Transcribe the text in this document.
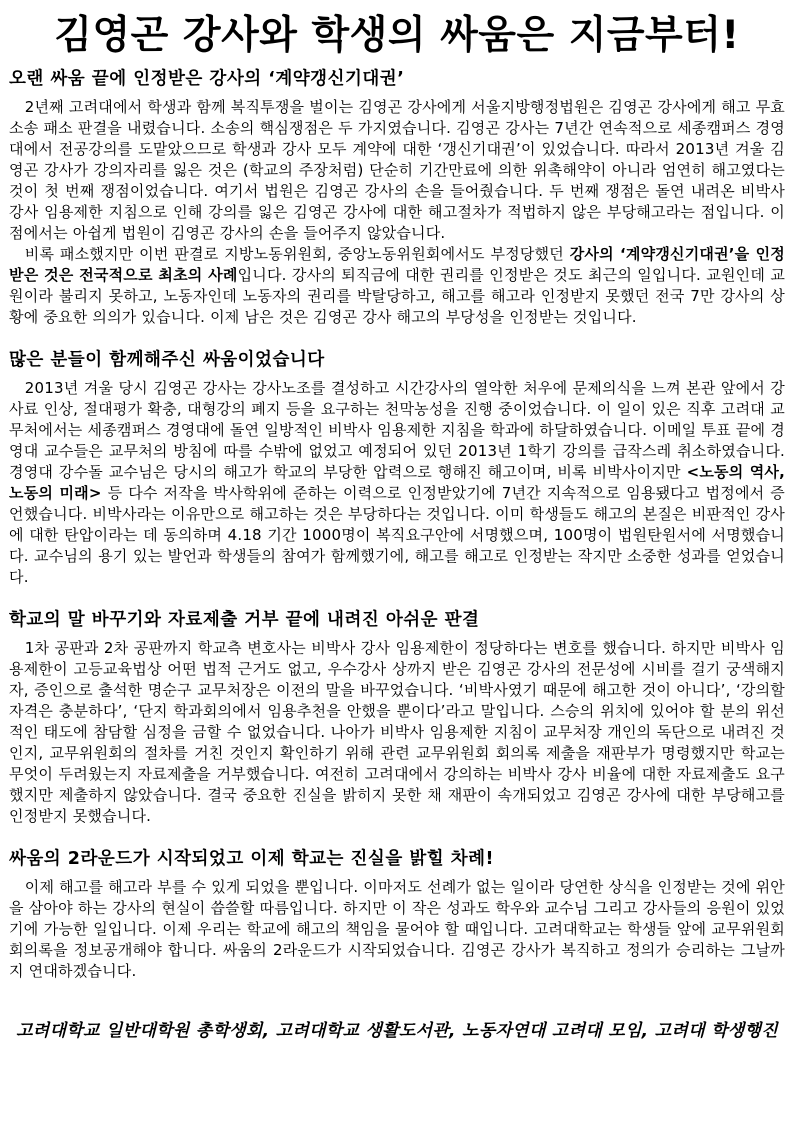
김영곤 강사와 학생의 싸움은 지금부터!
오랜 싸움 끝에 인정받은 강사의 ‘계약갱신기대권’

2년째 고려대에서 학생과 함께 복직투쟁을 벌이는 김영곤 강사에게 서울지방행정법원은 김영곤 강사에게 해고 무효소송 패소 판결을 내렸습니다. 소송의 핵심쟁점은 두 가지였습니다. 김영곤 강사는 7년간 연속적으로 세종캠퍼스 경영대에서 전공강의를 도맡았으므로 학생과 강사 모두 계약에 대한 ‘갱신기대권’이 있었습니다. 따라서 2013년 겨울 김영곤 강사가 강의자리를 잃은 것은 (학교의 주장처럼) 단순히 기간만료에 의한 위촉해약이 아니라 엄연히 해고였다는 것이 첫 번째 쟁점이었습니다. 여기서 법원은 김영곤 강사의 손을 들어줬습니다. 두 번째 쟁점은 돌연 내려온 비박사 강사 임용제한 지침으로 인해 강의를 잃은 김영곤 강사에 대한 해고절차가 적법하지 않은 부당해고라는 점입니다. 이 점에서는 아쉽게 법원이 김영곤 강사의 손을 들어주지 않았습니다.

비록 패소했지만 이번 판결로 지방노동위원회, 중앙노동위원회에서도 부정당했던 강사의 ‘계약갱신기대권’을 인정받은 것은 전국적으로 최초의 사례입니다. 강사의 퇴직금에 대한 권리를 인정받은 것도 최근의 일입니다. 교원인데 교원이라 불리지 못하고, 노동자인데 노동자의 권리를 박탈당하고, 해고를 해고라 인정받지 못했던 전국 7만 강사의 상황에 중요한 의의가 있습니다. 이제 남은 것은 김영곤 강사 해고의 부당성을 인정받는 것입니다.

많은 분들이 함께해주신 싸움이었습니다

2013년 겨울 당시 김영곤 강사는 강사노조를 결성하고 시간강사의 열악한 처우에 문제의식을 느껴 본관 앞에서 강사료 인상, 절대평가 확충, 대형강의 폐지 등을 요구하는 천막농성을 진행 중이었습니다. 이 일이 있은 직후 고려대 교무처에서는 세종캠퍼스 경영대에 돌연 일방적인 비박사 임용제한 지침을 학과에 하달하였습니다. 이메일 투표 끝에 경영대 교수들은 교무처의 방침에 따를 수밖에 없었고 예정되어 있던 2013년 1학기 강의를 급작스레 취소하였습니다. 경영대 강수돌 교수님은 당시의 해고가 학교의 부당한 압력으로 행해진 해고이며, 비록 비박사이지만 <노동의 역사, 노동의 미래> 등 다수 저작을 박사학위에 준하는 이력으로 인정받았기에 7년간 지속적으로 임용됐다고 법정에서 증언했습니다. 비박사라는 이유만으로 해고하는 것은 부당하다는 것입니다. 이미 학생들도 해고의 본질은 비판적인 강사에 대한 탄압이라는 데 동의하며 4.18 기간 1000명이 복직요구안에 서명했으며, 100명이 법원탄원서에 서명했습니다. 교수님의 용기 있는 발언과 학생들의 참여가 함께했기에, 해고를 해고로 인정받는 작지만 소중한 성과를 얻었습니다.

학교의 말 바꾸기와 자료제출 거부 끝에 내려진 아쉬운 판결

1차 공판과 2차 공판까지 학교측 변호사는 비박사 강사 임용제한이 정당하다는 변호를 했습니다. 하지만 비박사 임용제한이 고등교육법상 어떤 법적 근거도 없고, 우수강사 상까지 받은 김영곤 강사의 전문성에 시비를 걸기 궁색해지자, 증인으로 출석한 명순구 교무처장은 이전의 말을 바꾸었습니다. ‘비박사였기 때문에 해고한 것이 아니다’, ‘강의할 자격은 충분하다’, ‘단지 학과회의에서 임용추천을 안했을 뿐이다’라고 말입니다. 스승의 위치에 있어야 할 분의 위선적인 태도에 참담할 심정을 금할 수 없었습니다. 나아가 비박사 임용제한 지침이 교무처장 개인의 독단으로 내려진 것인지, 교무위원회의 절차를 거친 것인지 확인하기 위해 관련 교무위원회 회의록 제출을 재판부가 명령했지만 학교는 무엇이 두려웠는지 자료제출을 거부했습니다. 여전히 고려대에서 강의하는 비박사 강사 비율에 대한 자료제출도 요구했지만 제출하지 않았습니다. 결국 중요한 진실을 밝히지 못한 채 재판이 속개되었고 김영곤 강사에 대한 부당해고를 인정받지 못했습니다.

싸움의 2라운드가 시작되었고 이제 학교는 진실을 밝힐 차례!

이제 해고를 해고라 부를 수 있게 되었을 뿐입니다. 이마저도 선례가 없는 일이라 당연한 상식을 인정받는 것에 위안을 삼아야 하는 강사의 현실이 씁쓸할 따름입니다. 하지만 이 작은 성과도 학우와 교수님 그리고 강사들의 응원이 있었기에 가능한 일입니다. 이제 우리는 학교에 해고의 책임을 물어야 할 때입니다. 고려대학교는 학생들 앞에 교무위원회 회의록을 정보공개해야 합니다. 싸움의 2라운드가 시작되었습니다. 김영곤 강사가 복직하고 정의가 승리하는 그날까지 연대하겠습니다.

고려대학교 일반대학원 총학생회, 고려대학교 생활도서관, 노동자연대 고려대 모임, 고려대 학생행진
